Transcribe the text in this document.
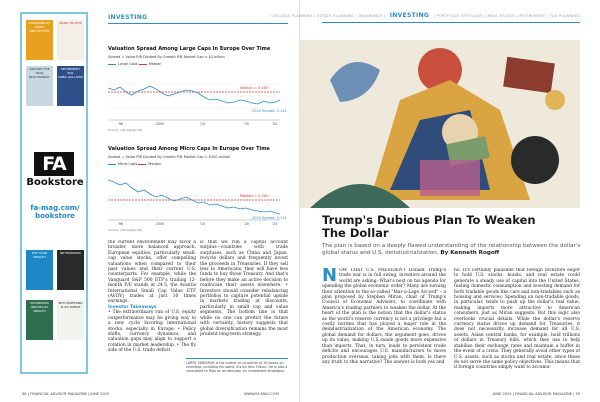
INVESTABILITY PRIDE
BEN HUTTON
BASIC TRUTHS
AROUND THE YEAR
NICK MURRAY
RETIREMENT FAIL
GREG GULLIVAN
FA
Bookstore
fa-mag.com/ bookstore
PUT YOUR WEALTH
NETWORKING
MAXIMIZING INDIVIDUAL WEALTH
WHY INVESTING IS SO SIMPLE
INVESTING
Valuation Spread Among Large Caps In Europe Over Time
Spread = Value P/B Divided By Growth P/B Market Cap > $2 billion
Large Caps	Median
Median = 0.165
2024 Spread: 0.155
'96	2000	'10	'20	'24
Source: (AP Capital IQ)
Valuation Spread Among Micro Caps In Europe Over Time
Spread = Value P/B Divided By Growth P/B Market Cap < $300 million
Micro Caps	Median
Median = 0.250
2024 Spread: 0.114
'96	2000	'10	'20	'24
Source: (AP Capital IQ)
the current environment may favor a broader, more balanced approach. European equities, particularly small-cap value stocks, offer compelling valuations when compared to their past values and their current U.S. counterparts. For example, while the Vanguard S&P 500 ETF's trailing 12-month P/E stands at 24.5, the Avantis International Small Cap Value ETF (AVDV) trades at just 10 times earnings.
Investor Takeaways
• The extraordinary run of U.S. equity outperformance may be giving way to a new cycle favoring international stocks, especially in Europe. • Policy shifts, currency dynamics, and valuation gaps may align to support a rotation in market leadership. • The fly side of the U.S. trade deficit
is that we run a capital account surplus—countries with trade surpluses, such as China and Japan, recycle dollars and frequently invest the proceeds in Treasuries. If they sell less to Americans, they will have less funds to buy those Treasury. And that's before they make an active decision to reallocate their assets elsewhere. • Investors should consider rebalancing portfolios to capture potential upside in markets trading at discounts, particularly in small cap and value segments. The bottom line is that while no one can predict the future with certainty, history suggests that global diversification remains the most prudent long-term strategy.
LARRY SWEDROE is the author or co-author of 18 books on investing, including his latest, Enrich Your Future. He is also a consultant to RIAs as an educator on investment strategies.
38 | FINANCIAL ADVISOR MAGAZINE | JUNE 2025	WWW.FA-MAG.COM
COLLEGE PLANNING | ESTATE PLANNING | INSURANCE | INVESTING | PORTFOLIO SPOTLIGHT | REAL ESTATE | RETIREMENT | TAX PLANNING
Trump's Dubious Plan To Weaken The Dollar
The plan is based on a deeply flawed understanding of the relationship between the dollar's global status and U.S. deindustrialization. By Kenneth Rogoff
NOW THAT U.S. PRESIDENT Donald Trump's trade war is in full swing, investors around the world are asking: What's next on his agenda for upending the global economic order? Many are turning their attention to the so-called "Mar-a-Lago Accord" – a plan proposed by Stephen Miran, chair of Trump's Council of Economic Advisers, to coordinate with America's trading partners to weaken the dollar. At the heart of the plan is the notion that the dollar's status as the world's reserve currency is not a privilege but a costly burden that has played a major role in the deindustrialization of the American economy. The global demand for dollars, the argument goes, drives up its value, making U.S.-made goods more expensive than imports. That, in turn, leads to persistent trade deficits and encourages U.S. manufacturers to move production overseas, taking jobs with them. Is there any truth to this narrative? The answer is both yes and
no. It's certainly plausible that foreign investors eager to hold U.S. stocks, bonds, and real estate could generate a steady use of capital into the United States, fueling domestic consumption and boosting demand for both tradable goods like cars and non-tradables such as housing and services. Spending on non-tradable goods, in particular, tends to push up the dollar's real value, making imports more attractive to American consumers, just as Miran suggests. But this logic also overlooks crucial details. While the dollar's reserve currency status drives up demand for Treasuries, it does not necessarily increase demand for all U.S. assets. Asian central banks, for example, hold trillions of dollars in Treasury bills, which they use to help stabilize their exchange rates and maintain a buffer in the event of a crisis. They generally avoid other types of U.S. assets, such as stocks and real estate, since these do not serve the same policy objectives. This means that if foreign countries simply want to accumu-
JUNE 2025 | FINANCIAL ADVISOR MAGAZINE | 39
